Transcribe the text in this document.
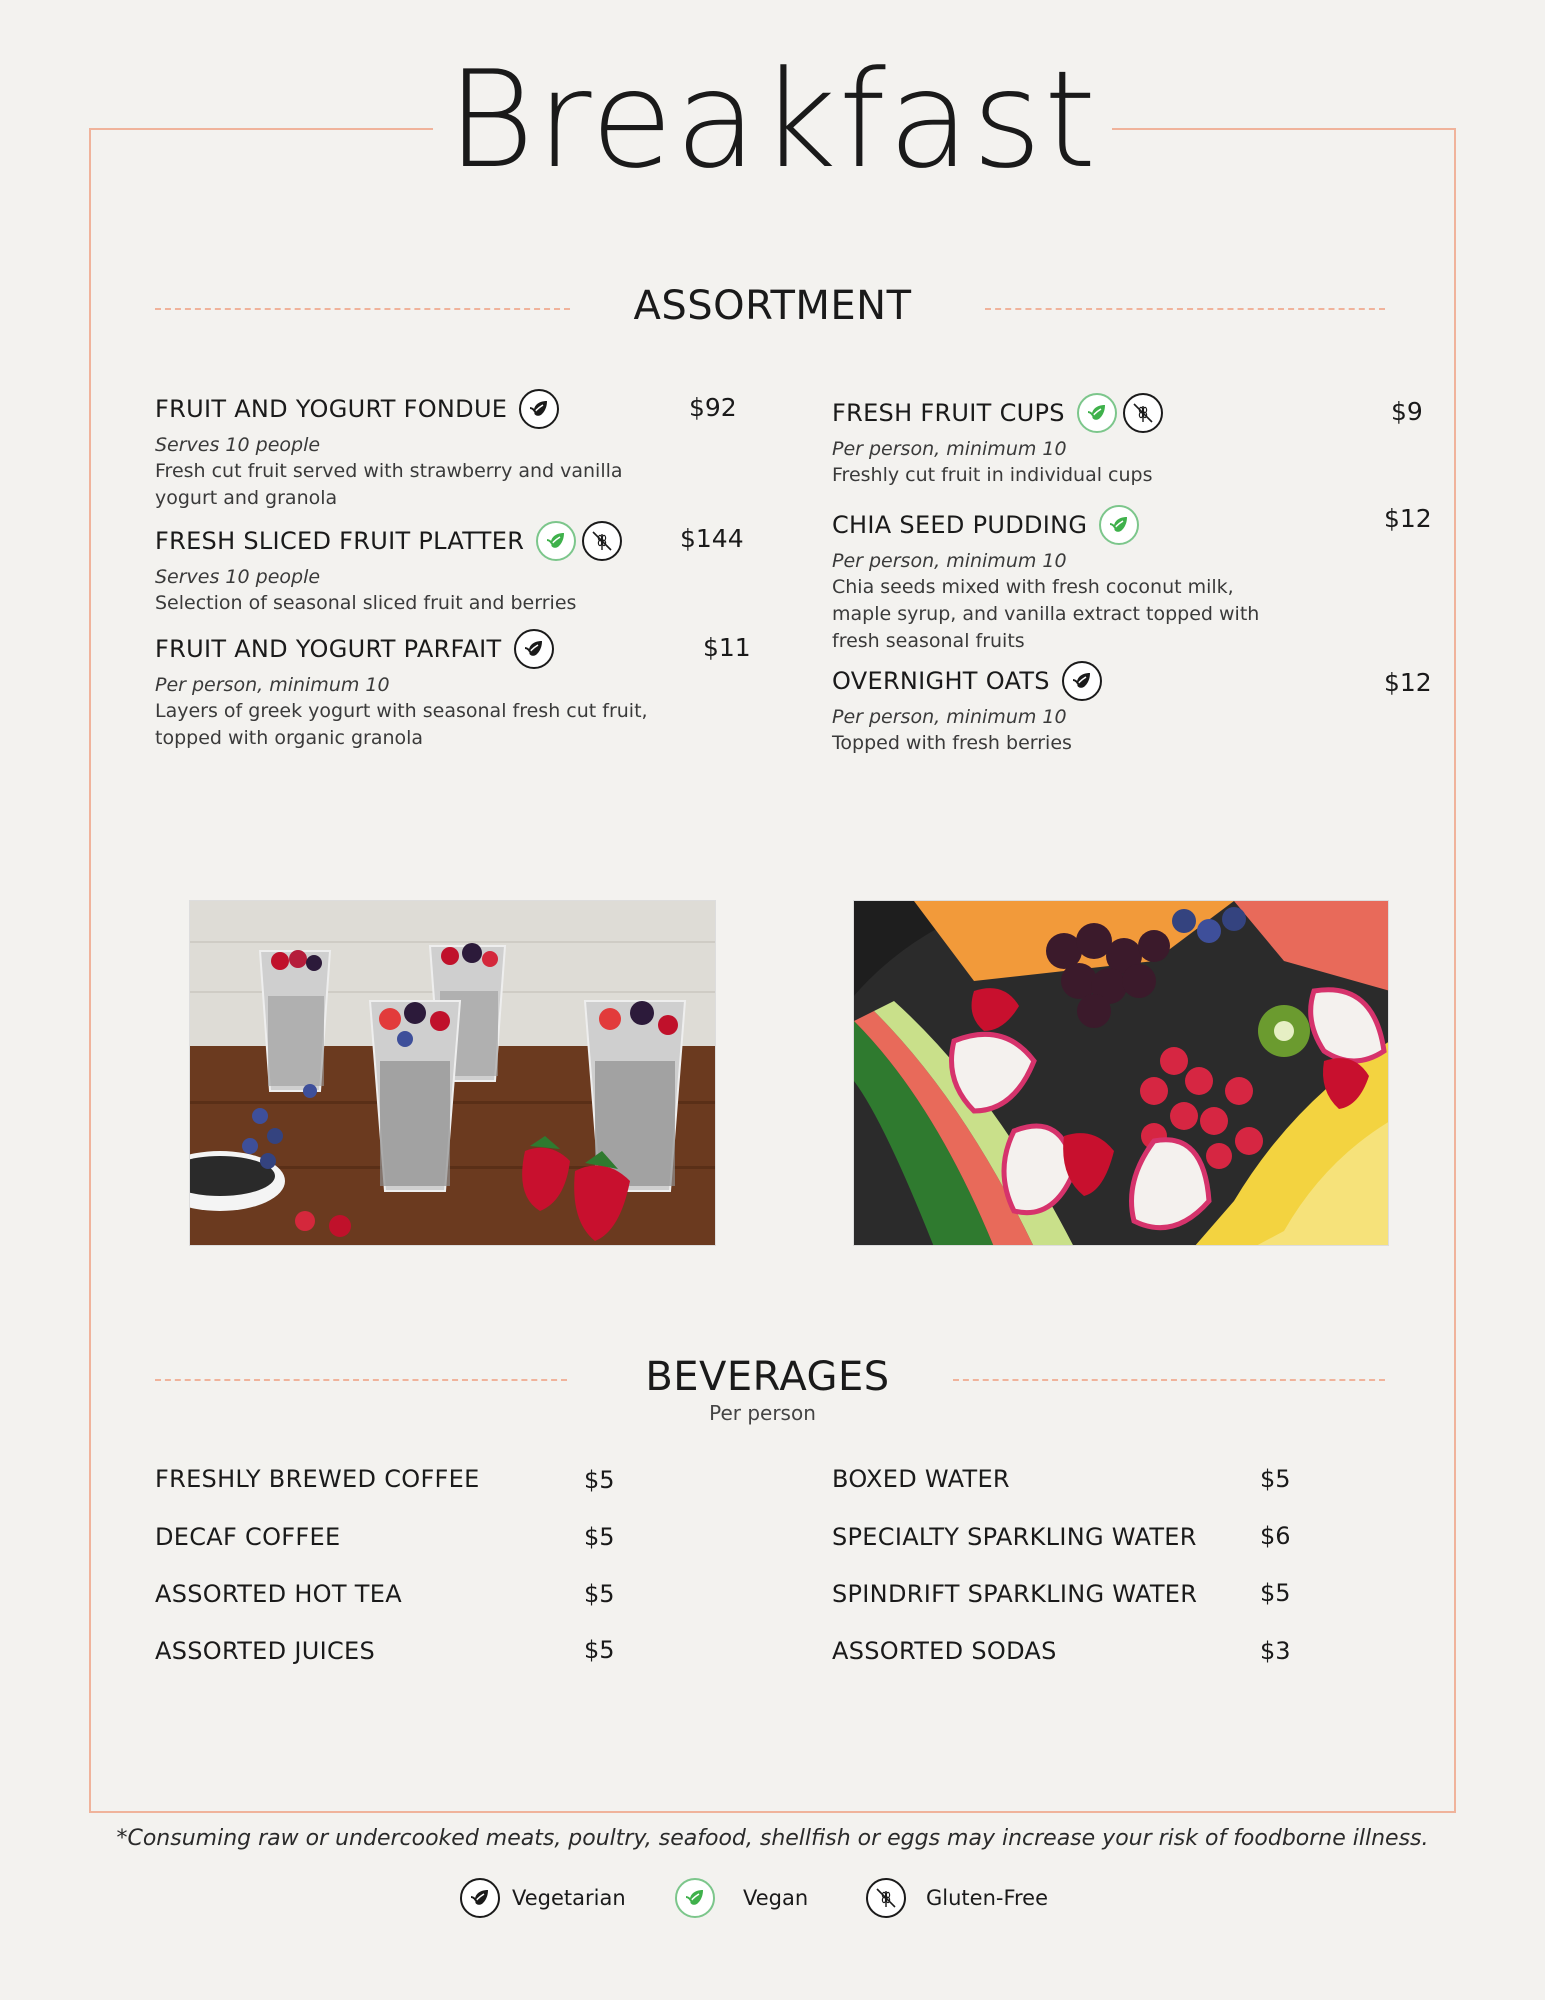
Breakfast
ASSORTMENT
FRUIT AND YOGURT FONDUE
Serves 10 people
Fresh cut fruit served with strawberry and vanilla yogurt and granola
$92
FRESH SLICED FRUIT PLATTER
Serves 10 people
Selection of seasonal sliced fruit and berries
$144
FRUIT AND YOGURT PARFAIT
Per person, minimum 10
Layers of greek yogurt with seasonal fresh cut fruit, topped with organic granola
$11
FRESH FRUIT CUPS
Per person, minimum 10
Freshly cut fruit in individual cups
$9
CHIA SEED PUDDING
Per person, minimum 10
Chia seeds mixed with fresh coconut milk, maple syrup, and vanilla extract topped with fresh seasonal fruits
$12
OVERNIGHT OATS
Per person, minimum 10
Topped with fresh berries
$12
BEVERAGES
Per person
FRESHLY BREWED COFFEE	$5
DECAF COFFEE	$5
ASSORTED HOT TEA	$5
ASSORTED JUICES	$5
BOXED WATER	$5
SPECIALTY SPARKLING WATER	$6
SPINDRIFT SPARKLING WATER	$5
ASSORTED SODAS	$3
*Consuming raw or undercooked meats, poultry, seafood, shellfish or eggs may increase your risk of foodborne illness.
Vegetarian	Vegan	Gluten-Free
